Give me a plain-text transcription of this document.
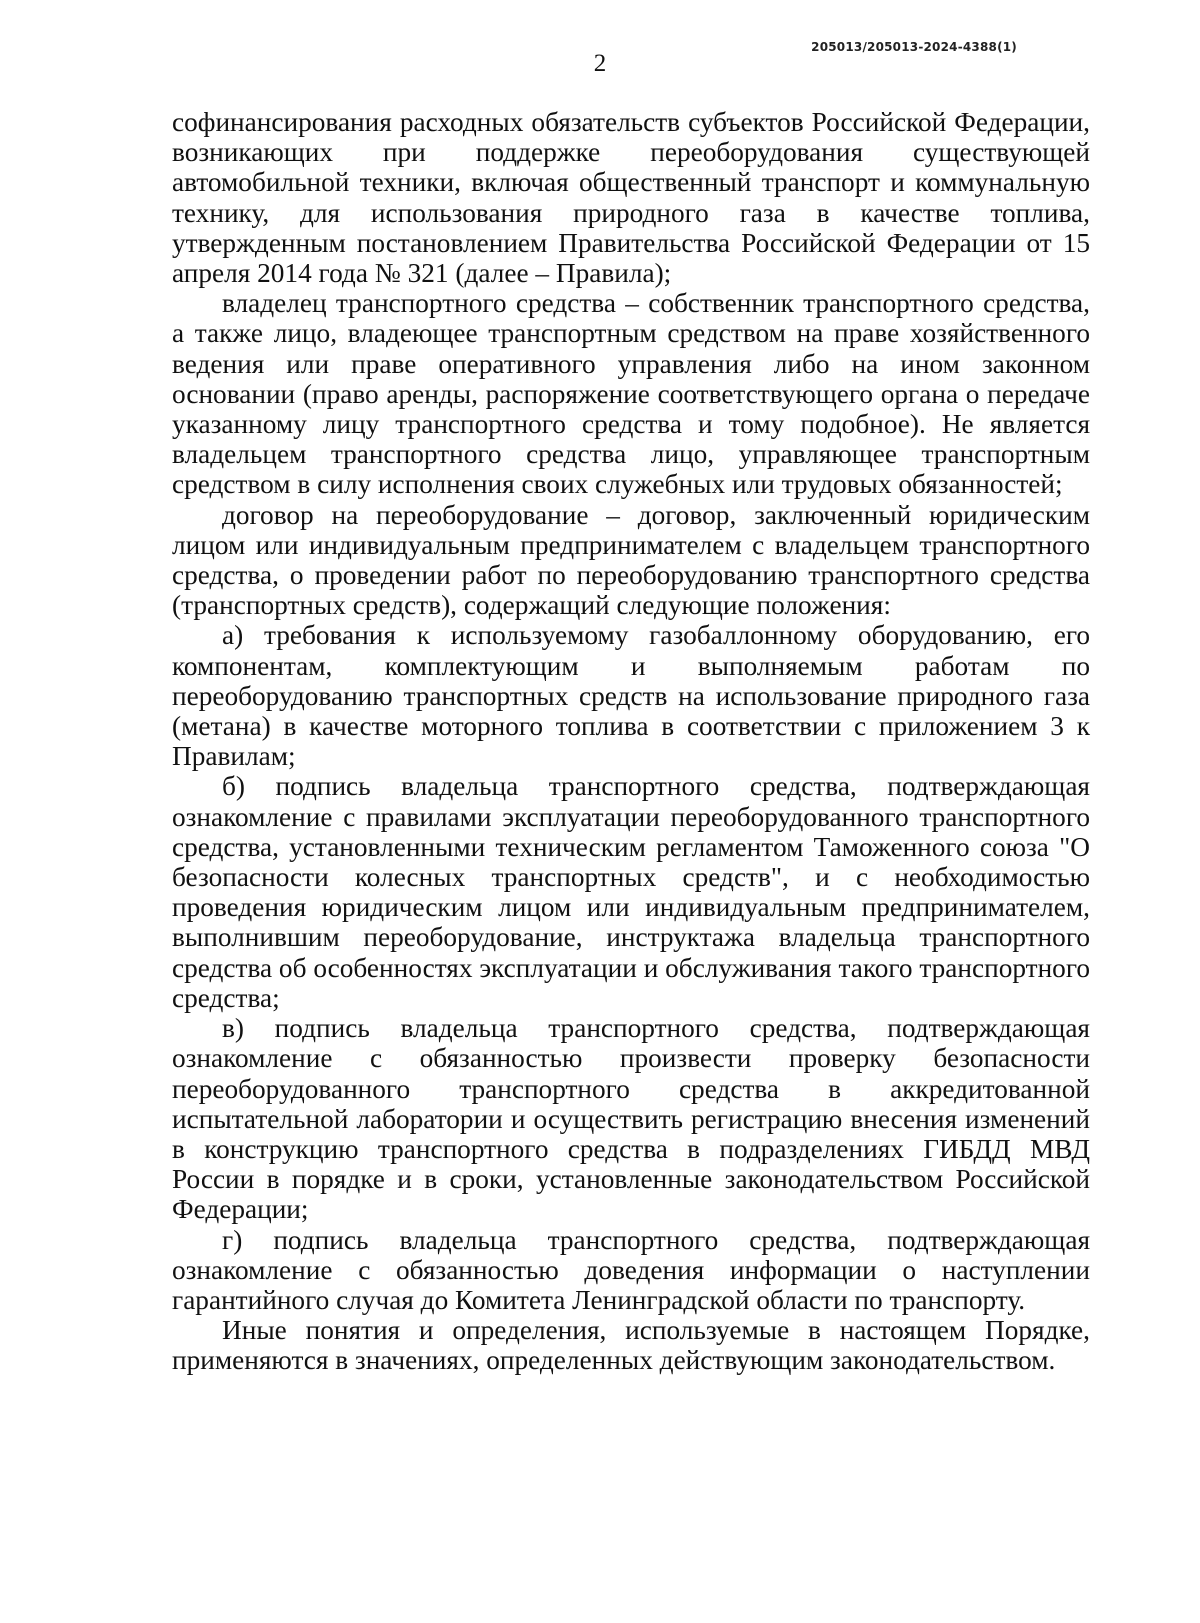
205013/205013-2024-4388(1)
2

софинансирования расходных обязательств субъектов Российской Федерации, возникающих при поддержке переоборудования существующей автомобильной техники, включая общественный транспорт и коммунальную технику, для использования природного газа в качестве топлива, утвержденным постановлением Правительства Российской Федерации от 15 апреля 2014 года № 321 (далее – Правила);

владелец транспортного средства – собственник транспортного средства, а также лицо, владеющее транспортным средством на праве хозяйственного ведения или праве оперативного управления либо на ином законном основании (право аренды, распоряжение соответствующего органа о передаче указанному лицу транспортного средства и тому подобное). Не является владельцем транспортного средства лицо, управляющее транспортным средством в силу исполнения своих служебных или трудовых обязанностей;

договор на переоборудование – договор, заключенный юридическим лицом или индивидуальным предпринимателем с владельцем транспортного средства, о проведении работ по переоборудованию транспортного средства (транспортных средств), содержащий следующие положения:

а) требования к используемому газобаллонному оборудованию, его компонентам, комплектующим и выполняемым работам по переоборудованию транспортных средств на использование природного газа (метана) в качестве моторного топлива в соответствии с приложением 3 к Правилам;

б) подпись владельца транспортного средства, подтверждающая ознакомление с правилами эксплуатации переоборудованного транспортного средства, установленными техническим регламентом Таможенного союза "О безопасности колесных транспортных средств", и с необходимостью проведения юридическим лицом или индивидуальным предпринимателем, выполнившим переоборудование, инструктажа владельца транспортного средства об особенностях эксплуатации и обслуживания такого транспортного средства;

в) подпись владельца транспортного средства, подтверждающая ознакомление с обязанностью произвести проверку безопасности переоборудованного транспортного средства в аккредитованной испытательной лаборатории и осуществить регистрацию внесения изменений в конструкцию транспортного средства в подразделениях ГИБДД МВД России в порядке и в сроки, установленные законодательством Российской Федерации;

г) подпись владельца транспортного средства, подтверждающая ознакомление с обязанностью доведения информации о наступлении гарантийного случая до Комитета Ленинградской области по транспорту.

Иные понятия и определения, используемые в настоящем Порядке, применяются в значениях, определенных действующим законодательством.
